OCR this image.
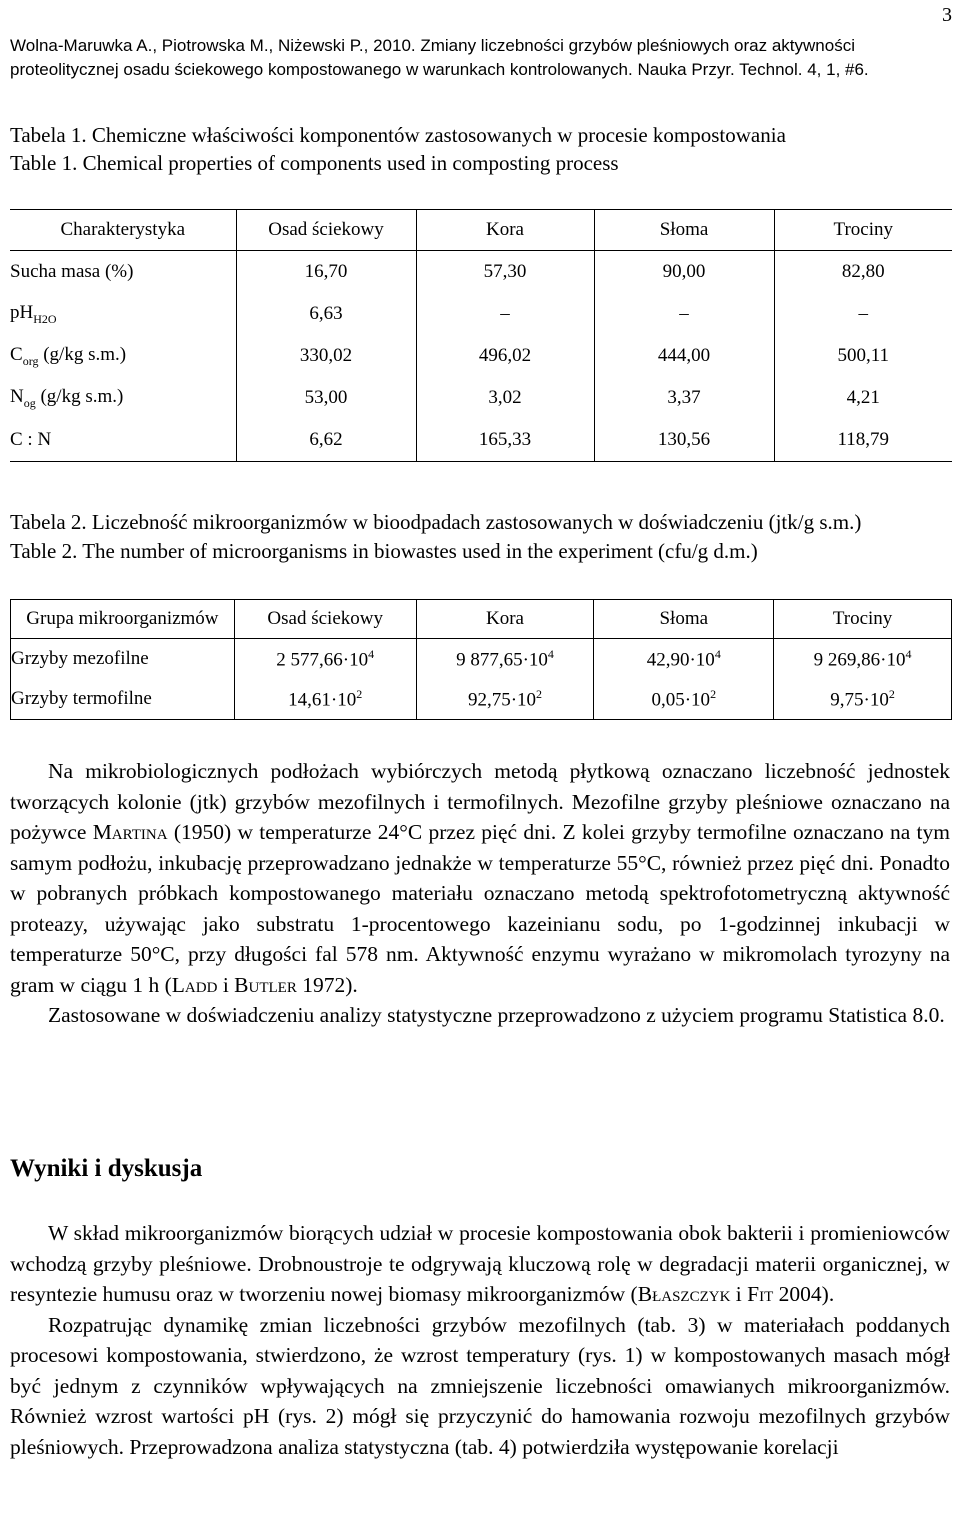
3
Wolna-Maruwka A., Piotrowska M., Niżewski P., 2010. Zmiany liczebności grzybów pleśniowych oraz aktywności
proteolitycznej osadu ściekowego kompostowanego w warunkach kontrolowanych. Nauka Przyr. Technol. 4, 1, #6.
Tabela 1. Chemiczne właściwości komponentów zastosowanych w procesie kompostowania
Table 1. Chemical properties of components used in composting process
Charakterystyka	Osad ściekowy	Kora	Słoma	Trociny
Sucha masa (%)	16,70	57,30	90,00	82,80
$pH_{H2O}$	6,63	–	–	–
$C_{org}$ (g/kg s.m.)	330,02	496,02	444,00	500,11
$N_{og}$ (g/kg s.m.)	53,00	3,02	3,37	4,21
C : N	6,62	165,33	130,56	118,79
Tabela 2. Liczebność mikroorganizmów w bioodpadach zastosowanych w doświadczeniu (jtk/g s.m.)
Table 2. The number of microorganisms in biowastes used in the experiment (cfu/g d.m.)
Grupa mikroorganizmów	Osad ściekowy	Kora	Słoma	Trociny
Grzyby mezofilne	2 $577,66\cdot 10^4$	9 $877,65\cdot 10^4$	$42,90\cdot 10^4$	9 $269,86\cdot 10^4$
Grzyby termofilne	$14,61\cdot 10^2$	$92,75\cdot 10^2$	$0,05\cdot 10^2$	$9,75\cdot 10^2$

Na mikrobiologicznych podłożach wybiórczych metodą płytkową oznaczano liczebność jednostek tworzących kolonie (jtk) grzybów mezofilnych i termofilnych. Mezofilne grzyby pleśniowe oznaczano na pożywce Martina (1950) w temperaturze 24°C przez pięć dni. Z kolei grzyby termofilne oznaczano na tym samym podłożu, inkubację przeprowadzano jednakże w temperaturze 55°C, również przez pięć dni. Ponadto w pobranych próbkach kompostowanego materiału oznaczano metodą spektrofotometryczną aktywność proteazy, używając jako substratu 1-procentowego kazeinianu sodu, po 1-godzinnej inkubacji w temperaturze 50°C, przy długości fal 578 nm. Aktywność enzymu wyrażano w mikromolach tyrozyny na gram w ciągu 1 h (Ladd i Butler 1972).

Zastosowane w doświadczeniu analizy statystyczne przeprowadzono z użyciem programu Statistica 8.0.

Wyniki i dyskusja

W skład mikroorganizmów biorących udział w procesie kompostowania obok bakterii i promieniowców wchodzą grzyby pleśniowe. Drobnoustroje te odgrywają kluczową rolę w degradacji materii organicznej, w resyntezie humusu oraz w tworzeniu nowej biomasy mikroorganizmów (Błaszczyk i Fit 2004).

Rozpatrując dynamikę zmian liczebności grzybów mezofilnych (tab. 3) w materiałach poddanych procesowi kompostowania, stwierdzono, że wzrost temperatury (rys. 1) w kompostowanych masach mógł być jednym z czynników wpływających na zmniejszenie liczebności omawianych mikroorganizmów. Również wzrost wartości pH (rys. 2) mógł się przyczynić do hamowania rozwoju mezofilnych grzybów pleśniowych. Przeprowadzona analiza statystyczna (tab. 4) potwierdziła występowanie korelacji
